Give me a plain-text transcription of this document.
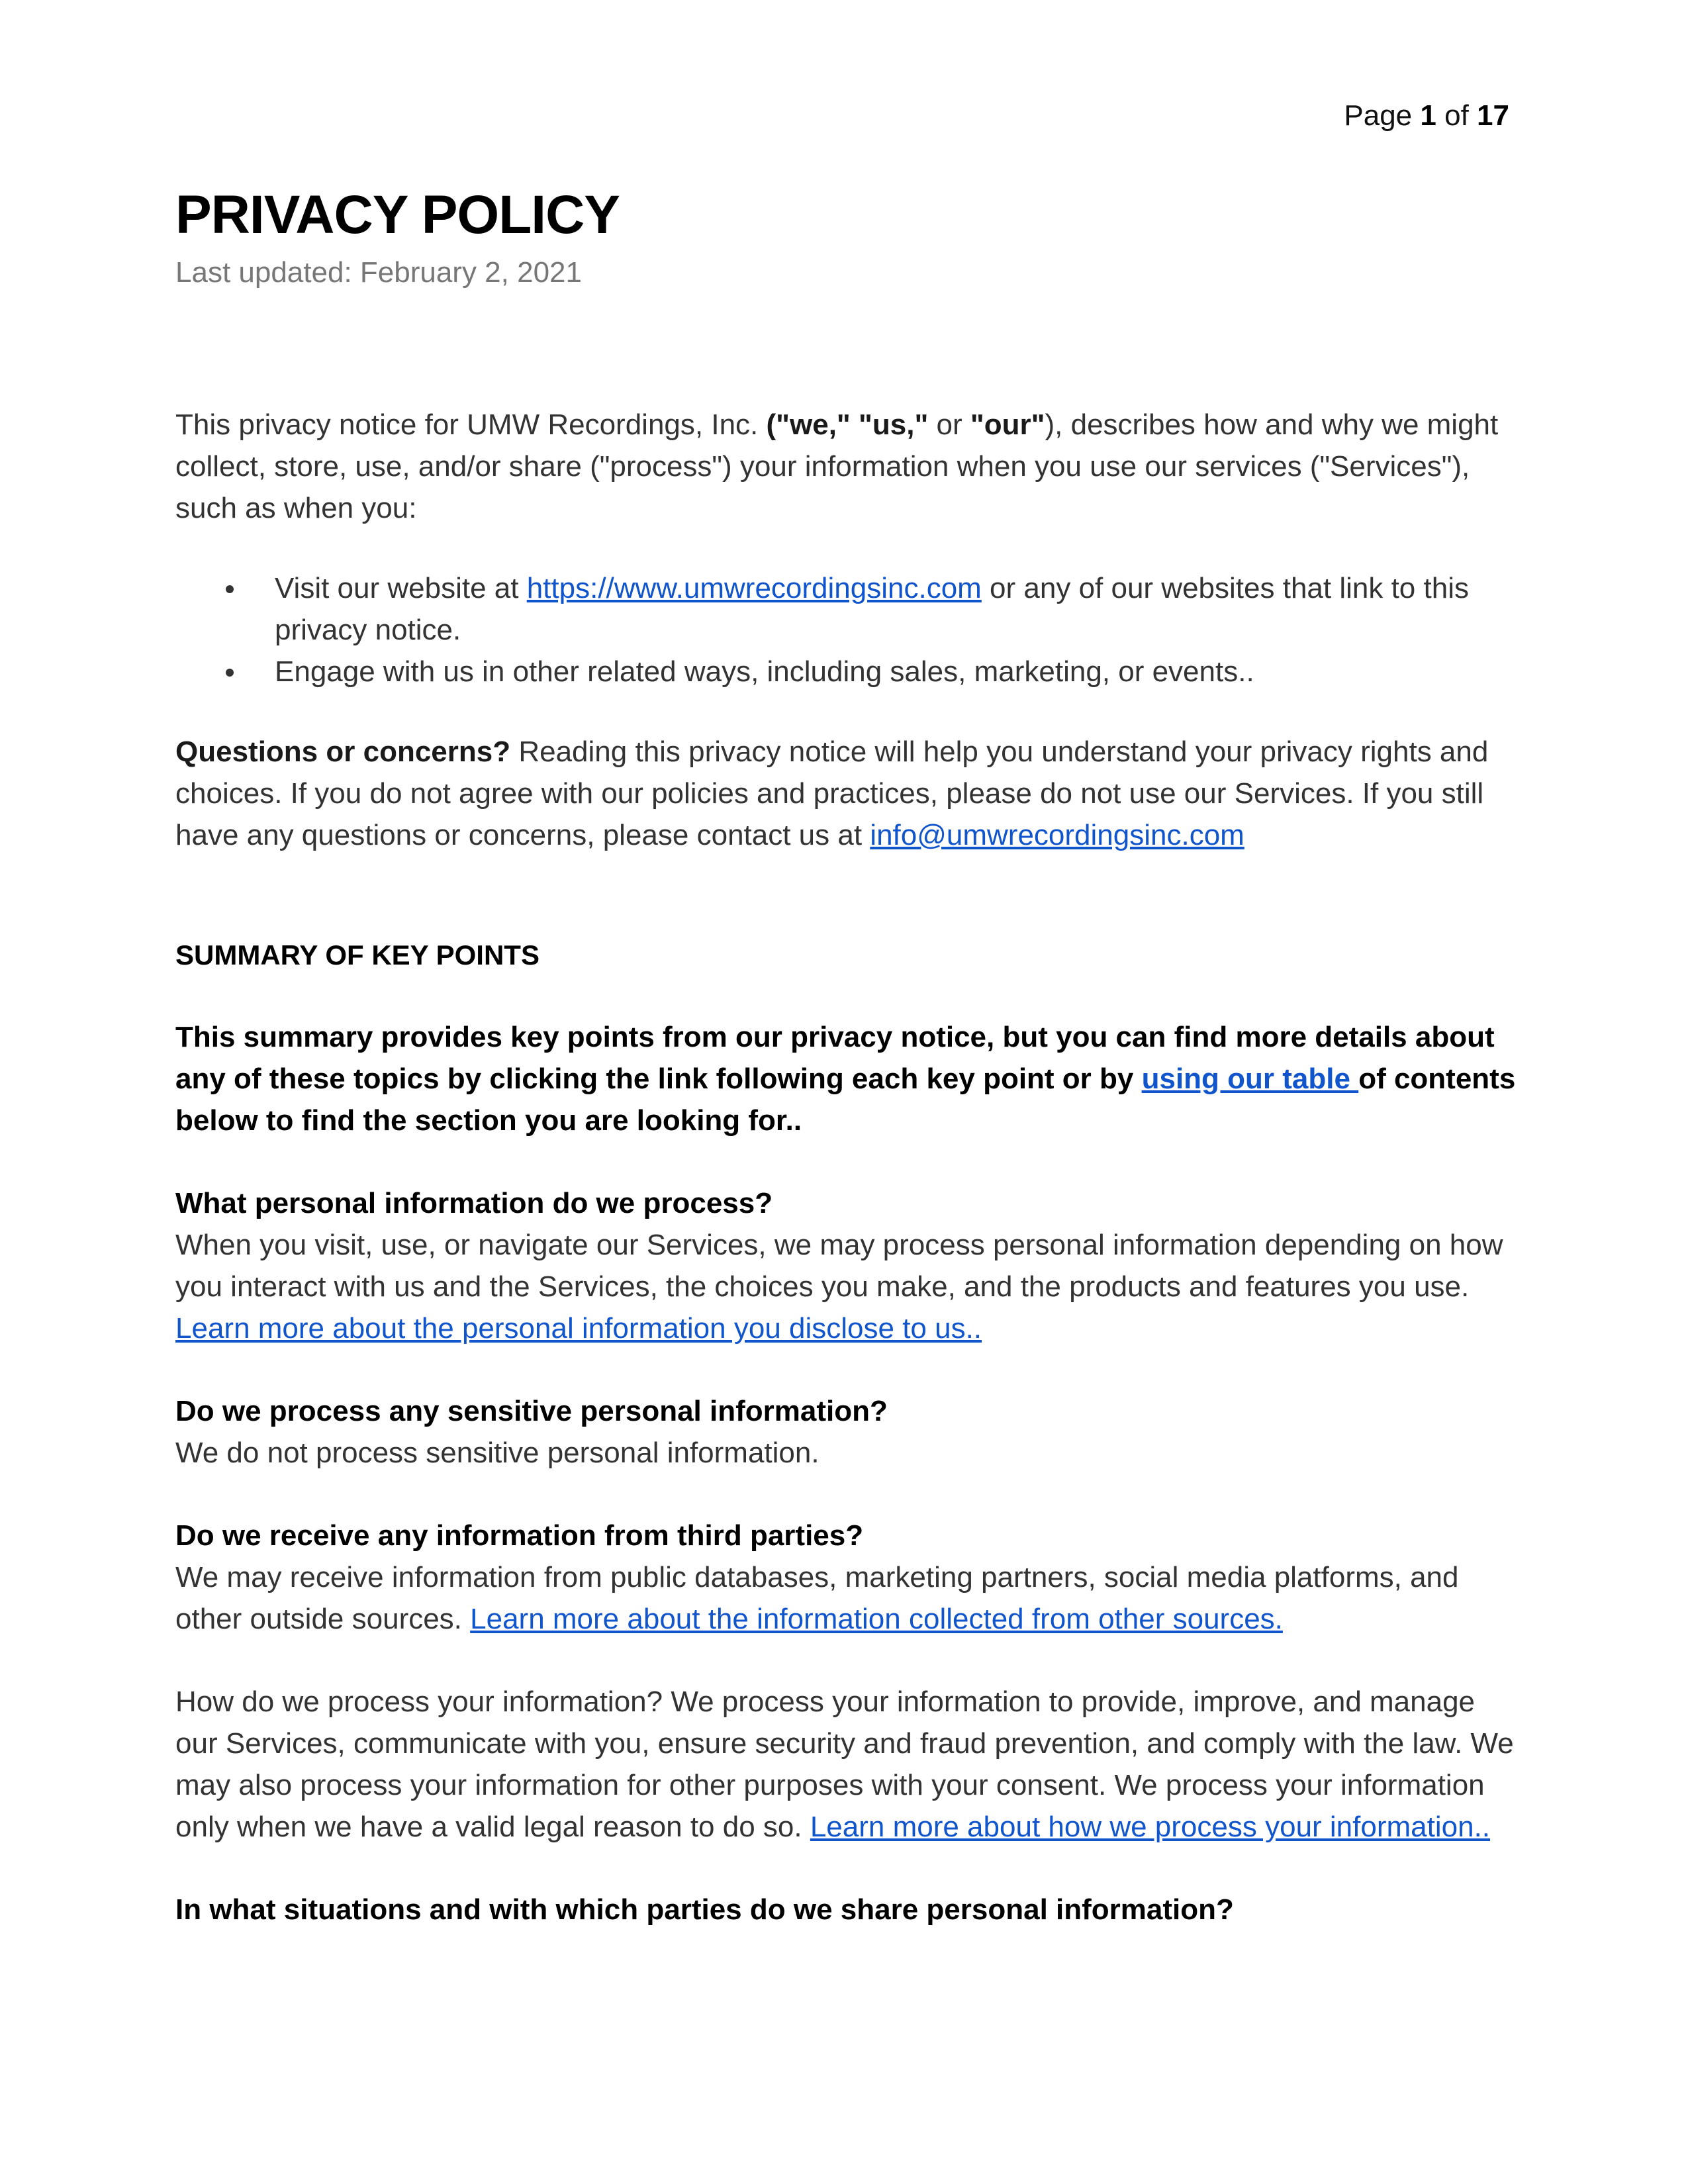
Page 1 of 17
PRIVACY POLICY
Last updated: February 2, 2021

This privacy notice for UMW Recordings, Inc. ("we," "us," or "our"), describes how and why we might collect, store, use, and/or share ("process") your information when you use our services ("Services"), such as when you:

Visit our website at https://www.umwrecordingsinc.com or any of our websites that link to this privacy notice.
Engage with us in other related ways, including sales, marketing, or events..

Questions or concerns? Reading this privacy notice will help you understand your privacy rights and choices. If you do not agree with our policies and practices, please do not use our Services. If you still have any questions or concerns, please contact us at info@umwrecordingsinc.com

SUMMARY OF KEY POINTS

This summary provides key points from our privacy notice, but you can find more details about any of these topics by clicking the link following each key point or by using our table of contents below to find the section you are looking for..

What personal information do we process?

When you visit, use, or navigate our Services, we may process personal information depending on how you interact with us and the Services, the choices you make, and the products and features you use. Learn more about the personal information you disclose to us..

Do we process any sensitive personal information?

We do not process sensitive personal information.

Do we receive any information from third parties?

We may receive information from public databases, marketing partners, social media platforms, and other outside sources. Learn more about the information collected from other sources.

How do we process your information? We process your information to provide, improve, and manage our Services, communicate with you, ensure security and fraud prevention, and comply with the law. We may also process your information for other purposes with your consent. We process your information only when we have a valid legal reason to do so. Learn more about how we process your information..

In what situations and with which parties do we share personal information?
